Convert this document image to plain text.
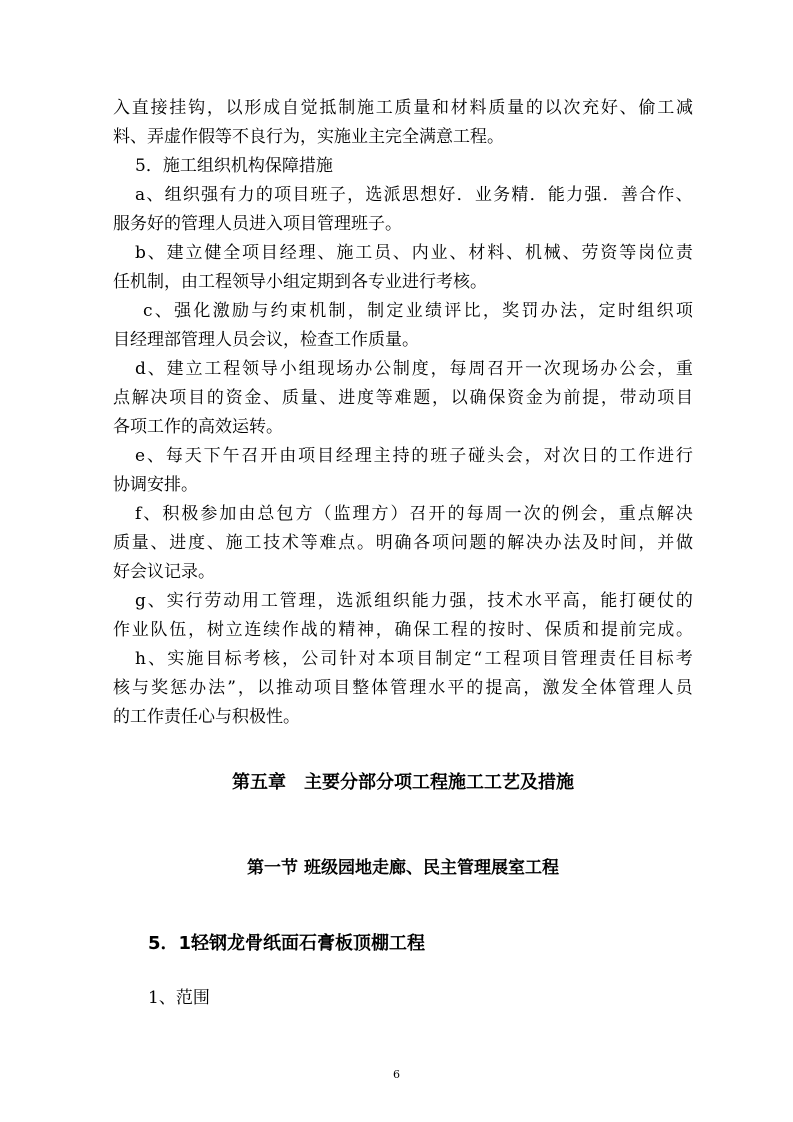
入 直 接 挂 钩 ， 以 形 成 自 觉 抵 制 施 工 质 量 和 材 料 质 量 的 以 次 充 好 、 偷 工 减
料、弄虚作假等不良行为，实施业主完全满意工程。
5．施工组织机构保障措施
a 、 组 织 强 有 力 的 项 目 班 子 ， 选 派 思 想 好 ． 业 务 精 ． 能 力 强 ． 善 合 作 、
服务好的管理人员进入项目管理班子。
b 、 建 立 健 全 项 目 经 理 、 施 工 员 、 内 业 、 材 料 、 机 械 、 劳 资 等 岗 位 责
任机制，由工程领导小组定期到各专业进行考核。
c 、 强 化 激 励 与 约 束 机 制 ， 制 定 业 绩 评 比 ， 奖 罚 办 法 ， 定 时 组 织 项
目经理部管理人员会议，检查工作质量。
d 、 建 立 工 程 领 导 小 组 现 场 办 公 制 度 ， 每 周 召 开 一 次 现 场 办 公 会 ， 重
点 解 决 项 目 的 资 金 、 质 量 、 进 度 等 难 题 ， 以 确 保 资 金 为 前 提 ， 带 动 项 目
各项工作的高效运转。
e 、 每 天 下 午 召 开 由 项 目 经 理 主 持 的 班 子 碰 头 会 ， 对 次 日 的 工 作 进 行
协调安排。
f 、 积 极 参 加 由 总 包 方 （ 监 理 方 ） 召 开 的 每 周 一 次 的 例 会 ， 重 点 解 决
质 量 、 进 度 、 施 工 技 术 等 难 点 。 明 确 各 项 问 题 的 解 决 办 法 及 时 间 ， 并 做
好会议记录。
g 、 实 行 劳 动 用 工 管 理 ， 选 派 组 织 能 力 强 ， 技 术 水 平 高 ， 能 打 硬 仗 的
作 业 队 伍 ， 树 立 连 续 作 战 的 精 神 ， 确 保 工 程 的 按 时 、 保 质 和 提 前 完 成 。
h 、 实 施 目 标 考 核 ， 公 司 针 对 本 项 目 制 定 “ 工 程 项 目 管 理 责 任 目 标 考
核 与 奖 惩 办 法 ” ， 以 推 动 项 目 整 体 管 理 水 平 的 提 高 ， 激 发 全 体 管 理 人 员
的工作责任心与积极性。
第五章　主要分部分项工程施工工艺及措施
第一节 班级园地走廊、民主管理展室工程
5．1轻钢龙骨纸面石膏板顶棚工程
1、范围
6
